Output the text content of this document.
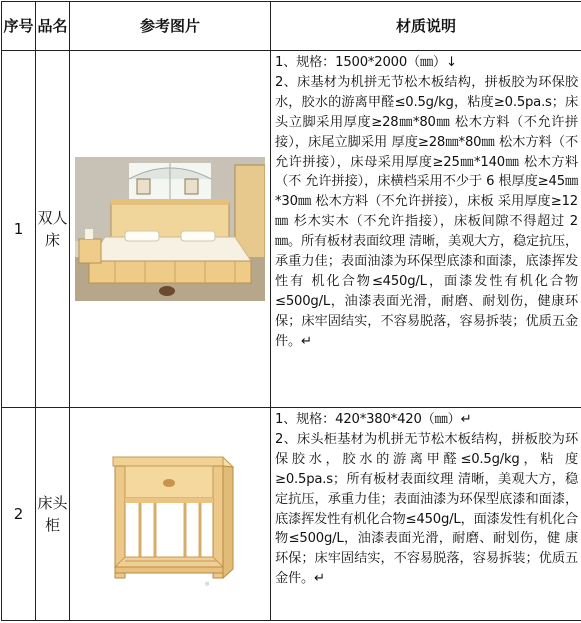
序号	品名	参考图片	材质说明
1	双人床		1、规格：1500*2000（㎜）↓
2、床基材为机拼无节松木板结构，拼板胶为环保胶水，胶水的游离甲醛≤0.5g/kg，粘度≥0.5pa.s；床头立脚采用厚度≥28㎜*80㎜ 松木方料（不允许拼接），床尾立脚采用 厚度≥28㎜*80㎜ 松木方料（不允许拼接），床母采用厚度≥25㎜*140㎜ 松木方料（不 允许拼接），床横档采用不少于 6 根厚度≥45㎜*30㎜ 松木方料（不允许拼接），床板 采用厚度≥12㎜ 杉木实木（不允许指接），床板间隙不得超过 2㎜。所有板材表面纹理 清晰，美观大方，稳定抗压，承重力佳；表面油漆为环保型底漆和面漆，底漆挥发性有 机化合物≤450g/L，面漆发性有机化合物≤500g/L，油漆表面光滑，耐磨、耐划伤，健康环保；床牢固结实，不容易脱落，容易拆装；优质五金件。↵
2	床头柜	◎	1、规格：420*380*420（㎜）↵
2、床头柜基材为机拼无节松木板结构，拼板胶为环保胶水，胶水的游离甲醛≤0.5g/kg，粘 度≥0.5pa.s；所有板材表面纹理 清晰，美观大方，稳定抗压，承重力佳；表面油漆为环保型底漆和面漆，底漆挥发性有机化合物≤450g/L，面漆发性有机化合物≤500g/L，油漆表面光滑，耐磨、耐划伤，健 康环保；床牢固结实，不容易脱落，容易拆装；优质五金件。↵
